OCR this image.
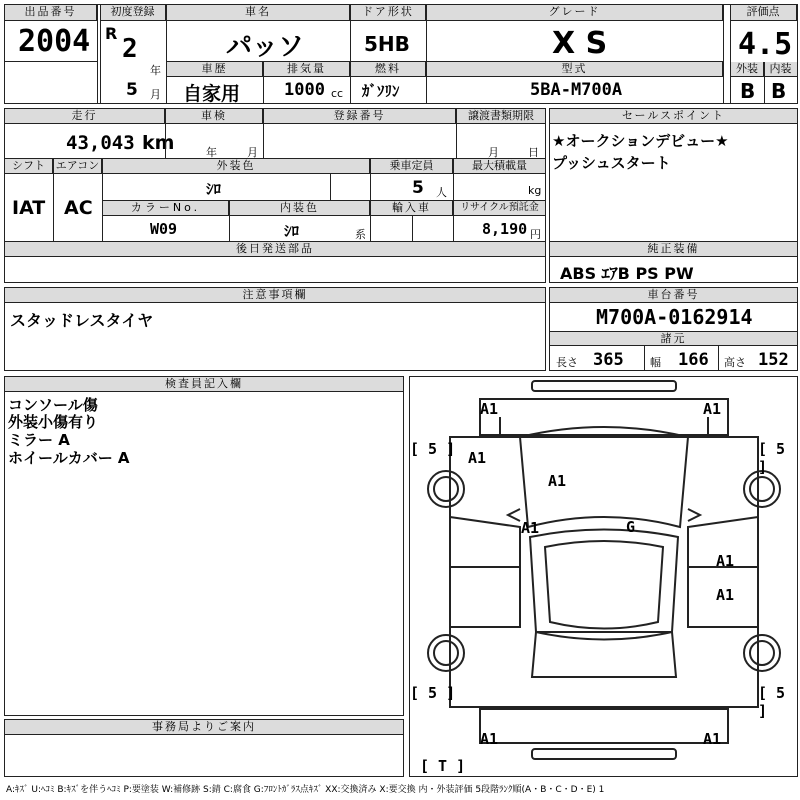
出品番号
2004
初度登録
R
2
年
5 月
車名
パッソ
ドア形状
5HB
グレード
X S
評価点
4.5
外装	内装
B B
車歴
自家用
排気量
1000 cc
燃料
ｶﾞｿﾘﾝ
型式
5BA-M700A
走行
43,043 km
車検
年	月
登録番号	譲渡書類期限
月	日
シフト
IAT
エアコン
AC
外装色
ｼﾛ
乗車定員
5 人
最大積載量
kg
カラーNo.
W09
内装色
ｼﾛ	系
輸入車	リサイクル預託金
8,190 円
後日発送部品
セールスポイント
★オークションデビュー★
プッシュスタート
純正装備
ABS ｴｱB PS PW
注意事項欄
スタッドレスタイヤ
車台番号
M700A-0162914
諸元
長さ 365 幅 166 高さ 152
検査員記入欄
コンソール傷
外装小傷有り
ミラー A
ホイールカバー A
事務局よりご案内
A1	A1
A1
A1
A1	G
A1
A1
A1	A1
[ 5 ]	[ 5 ]
[ 5 ]	[ 5 ]
[ T ]
A:ｷｽﾞ U:ﾍｺﾐ B:ｷｽﾞを伴うﾍｺﾐ P:要塗装 W:補修跡 S:錆 C:腐食 G:ﾌﾛﾝﾄｶﾞﾗｽ点ｷｽﾞ XX:交換済み X:要交換 内・外装評価 5段階ﾗﾝｸ順(A・B・C・D・E) 1
